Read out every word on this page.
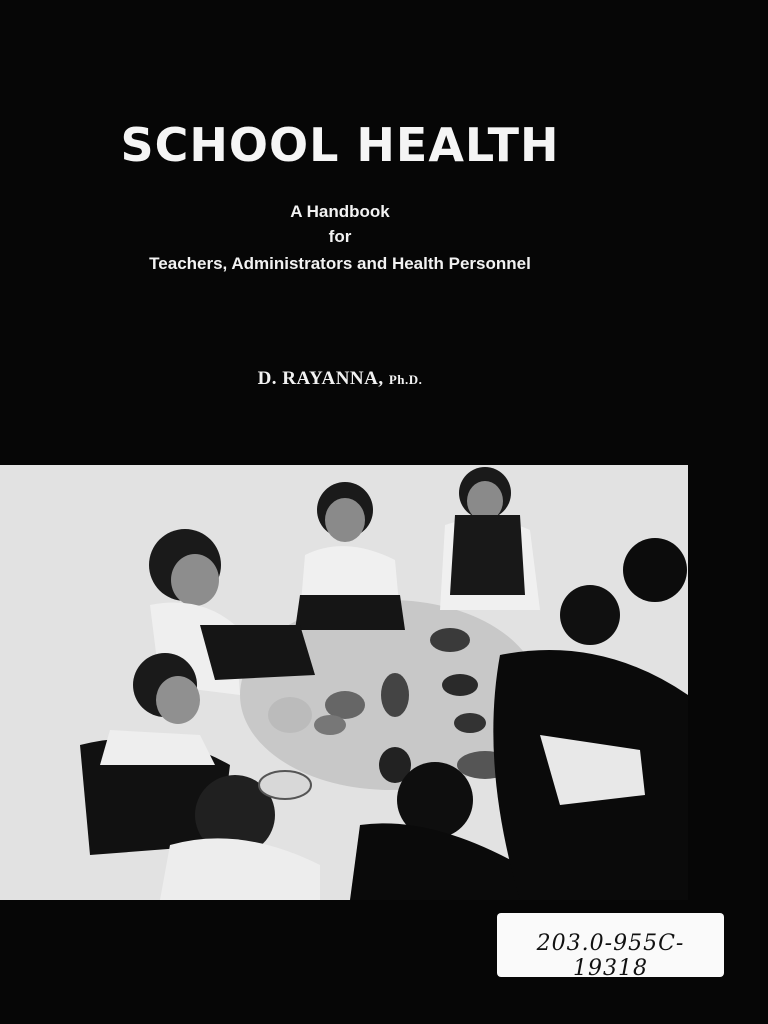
SCHOOL HEALTH
A Handbook
for
Teachers, Administrators and Health Personnel
D. RAYANNA, Ph.D.
203.0-955C- 19318
